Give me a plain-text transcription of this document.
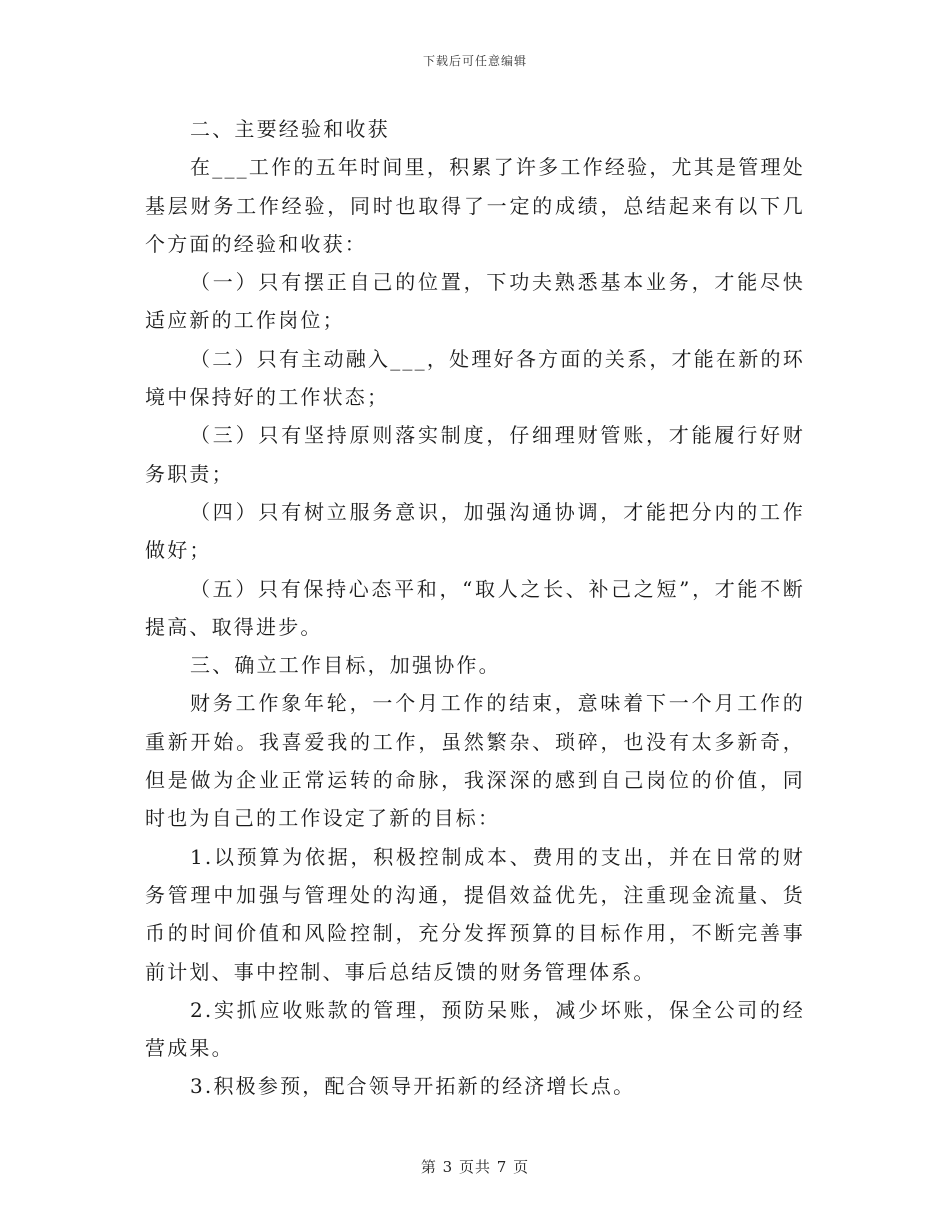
下载后可任意编辑

二、主要经验和收获

在___工作的五年时间里，积累了许多工作经验，尤其是管理处基层财务工作经验，同时也取得了一定的成绩，总结起来有以下几个方面的经验和收获：

（一）只有摆正自己的位置，下功夫熟悉基本业务，才能尽快适应新的工作岗位；

（二）只有主动融入___，处理好各方面的关系，才能在新的环境中保持好的工作状态；

（三）只有坚持原则落实制度，仔细理财管账，才能履行好财务职责；

（四）只有树立服务意识，加强沟通协调，才能把分内的工作做好；

（五）只有保持心态平和，“取人之长、补己之短”，才能不断提高、取得进步。

三、确立工作目标，加强协作。

财务工作象年轮，一个月工作的结束，意味着下一个月工作的重新开始。我喜爱我的工作，虽然繁杂、琐碎，也没有太多新奇，但是做为企业正常运转的命脉，我深深的感到自己岗位的价值，同时也为自己的工作设定了新的目标：

1.以预算为依据，积极控制成本、费用的支出，并在日常的财务管理中加强与管理处的沟通，提倡效益优先，注重现金流量、货币的时间价值和风险控制，充分发挥预算的目标作用，不断完善事前计划、事中控制、事后总结反馈的财务管理体系。

2.实抓应收账款的管理，预防呆账，减少坏账，保全公司的经营成果。

3.积极参预，配合领导开拓新的经济增长点。

第 3 页共 7 页
